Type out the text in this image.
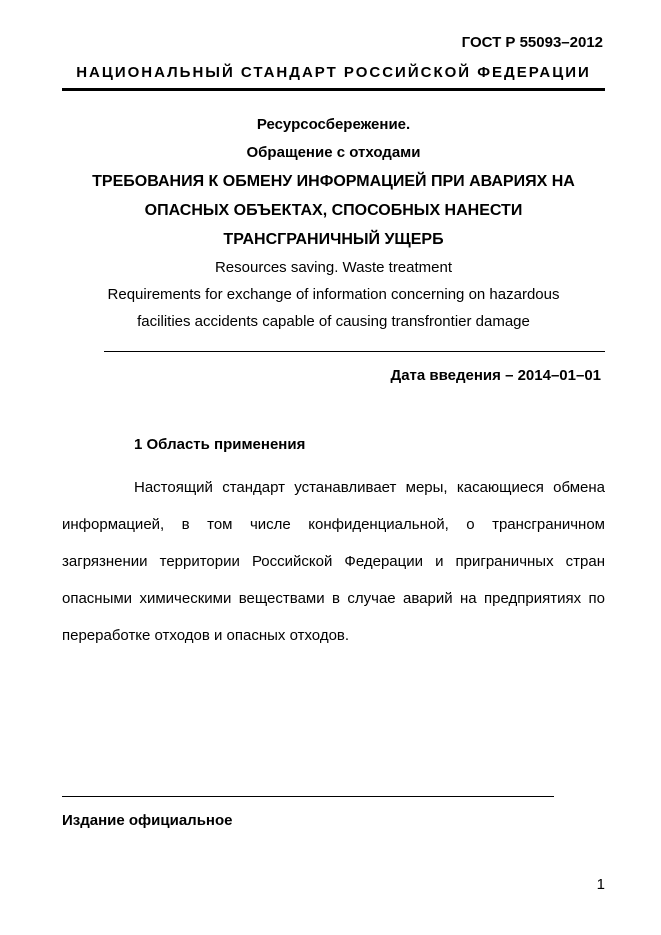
ГОСТ Р 55093–2012
НАЦИОНАЛЬНЫЙ СТАНДАРТ РОССИЙСКОЙ ФЕДЕРАЦИИ
Ресурсосбережение.
Обращение с отходами
ТРЕБОВАНИЯ К ОБМЕНУ ИНФОРМАЦИЕЙ ПРИ АВАРИЯХ НА
ОПАСНЫХ ОБЪЕКТАХ, СПОСОБНЫХ НАНЕСТИ
ТРАНСГРАНИЧНЫЙ УЩЕРБ
Resources saving. Waste treatment
Requirements for exchange of information concerning on hazardous
facilities accidents capable of causing transfrontier damage
Дата введения – 2014–01–01
1 Область применения
Настоящий стандарт устанавливает меры, касающиеся обмена информацией, в том числе конфиденциальной, о трансграничном загрязнении территории Российской Федерации и приграничных стран опасными химическими веществами в случае аварий на предприятиях по переработке отходов и опасных отходов.
Издание официальное
1
